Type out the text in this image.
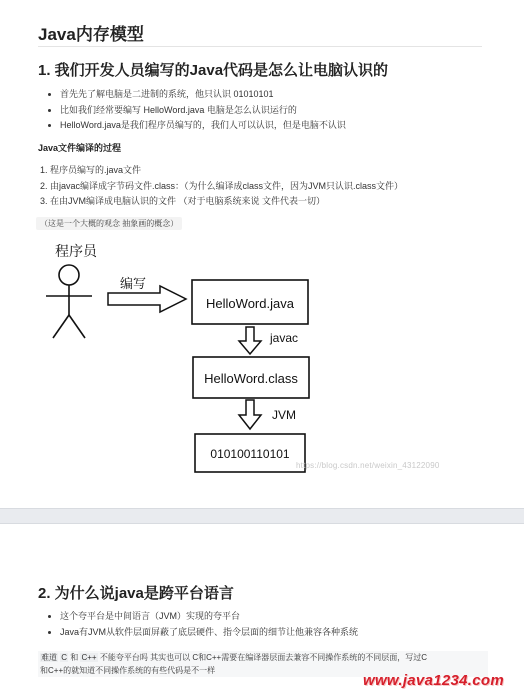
Java内存模型
1. 我们开发人员编写的Java代码是怎么让电脑认识的
• 首先先了解电脑是二进制的系统，他只认识 01010101
• 比如我们经常要编写 HelloWord.java 电脑是怎么认识运行的
• HelloWord.java是我们程序员编写的，我们人可以认识，但是电脑不认识
Java文件编译的过程
1. 程序员编写的.java文件
2. 由javac编译成字节码文件.class：（为什么编译成class文件，因为JVM只认识.class文件）
3. 在由JVM编译成电脑认识的文件 （对于电脑系统来说 文件代表一切）
（这是一个大概的观念 抽象画的概念）
程序员
编写
HelloWord.java
javac
HelloWord.class
JVM
010100110101
https://blog.csdn.net/weixin_43122090
2. 为什么说java是跨平台语言
• 这个夸平台是中间语言（JVM）实现的夸平台
• Java有JVM从软件层面屏蔽了底层硬件、指令层面的细节让他兼容各种系统
难道 C 和 C++ 不能夸平台吗 其实也可以 C和C++需要在编译器层面去兼容不同操作系统的不同层面，写过C
和C++的就知道不同操作系统的有些代码是不一样
www.java1234.com
